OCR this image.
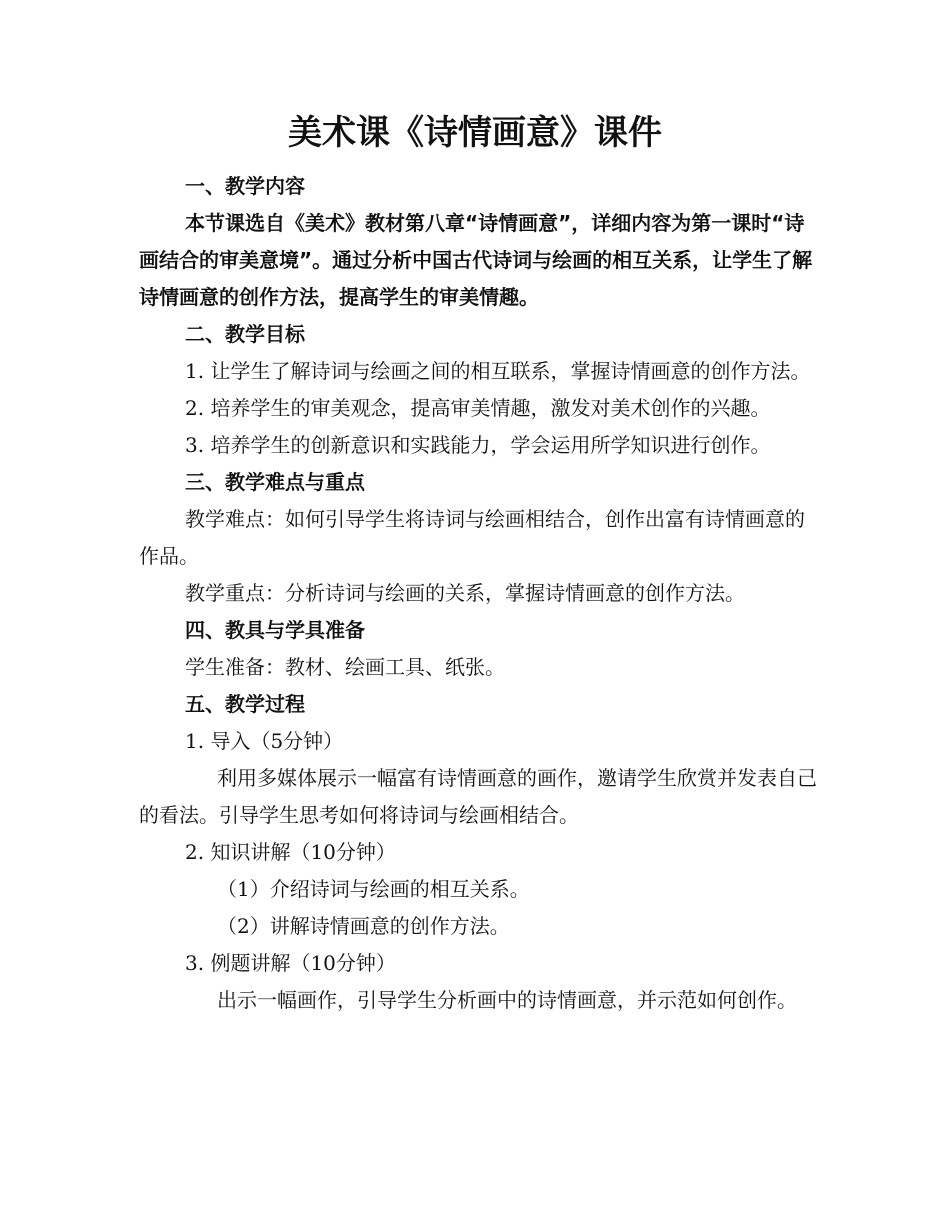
美术课《诗情画意》课件

一、教学内容

本节课选自《美术》教材第八章“诗情画意”，详细内容为第一课时“诗画结合的审美意境”。通过分析中国古代诗词与绘画的相互关系，让学生了解诗情画意的创作方法，提高学生的审美情趣。

二、教学目标

1. 让学生了解诗词与绘画之间的相互联系，掌握诗情画意的创作方法。

2. 培养学生的审美观念，提高审美情趣，激发对美术创作的兴趣。

3. 培养学生的创新意识和实践能力，学会运用所学知识进行创作。

三、教学难点与重点

教学难点：如何引导学生将诗词与绘画相结合，创作出富有诗情画意的作品。

教学重点：分析诗词与绘画的关系，掌握诗情画意的创作方法。

四、教具与学具准备

学生准备：教材、绘画工具、纸张。

五、教学过程

1. 导入（5分钟）

利用多媒体展示一幅富有诗情画意的画作，邀请学生欣赏并发表自己的看法。引导学生思考如何将诗词与绘画相结合。

2. 知识讲解（10分钟）

（1）介绍诗词与绘画的相互关系。

（2）讲解诗情画意的创作方法。

3. 例题讲解（10分钟）

出示一幅画作，引导学生分析画中的诗情画意，并示范如何创作。
